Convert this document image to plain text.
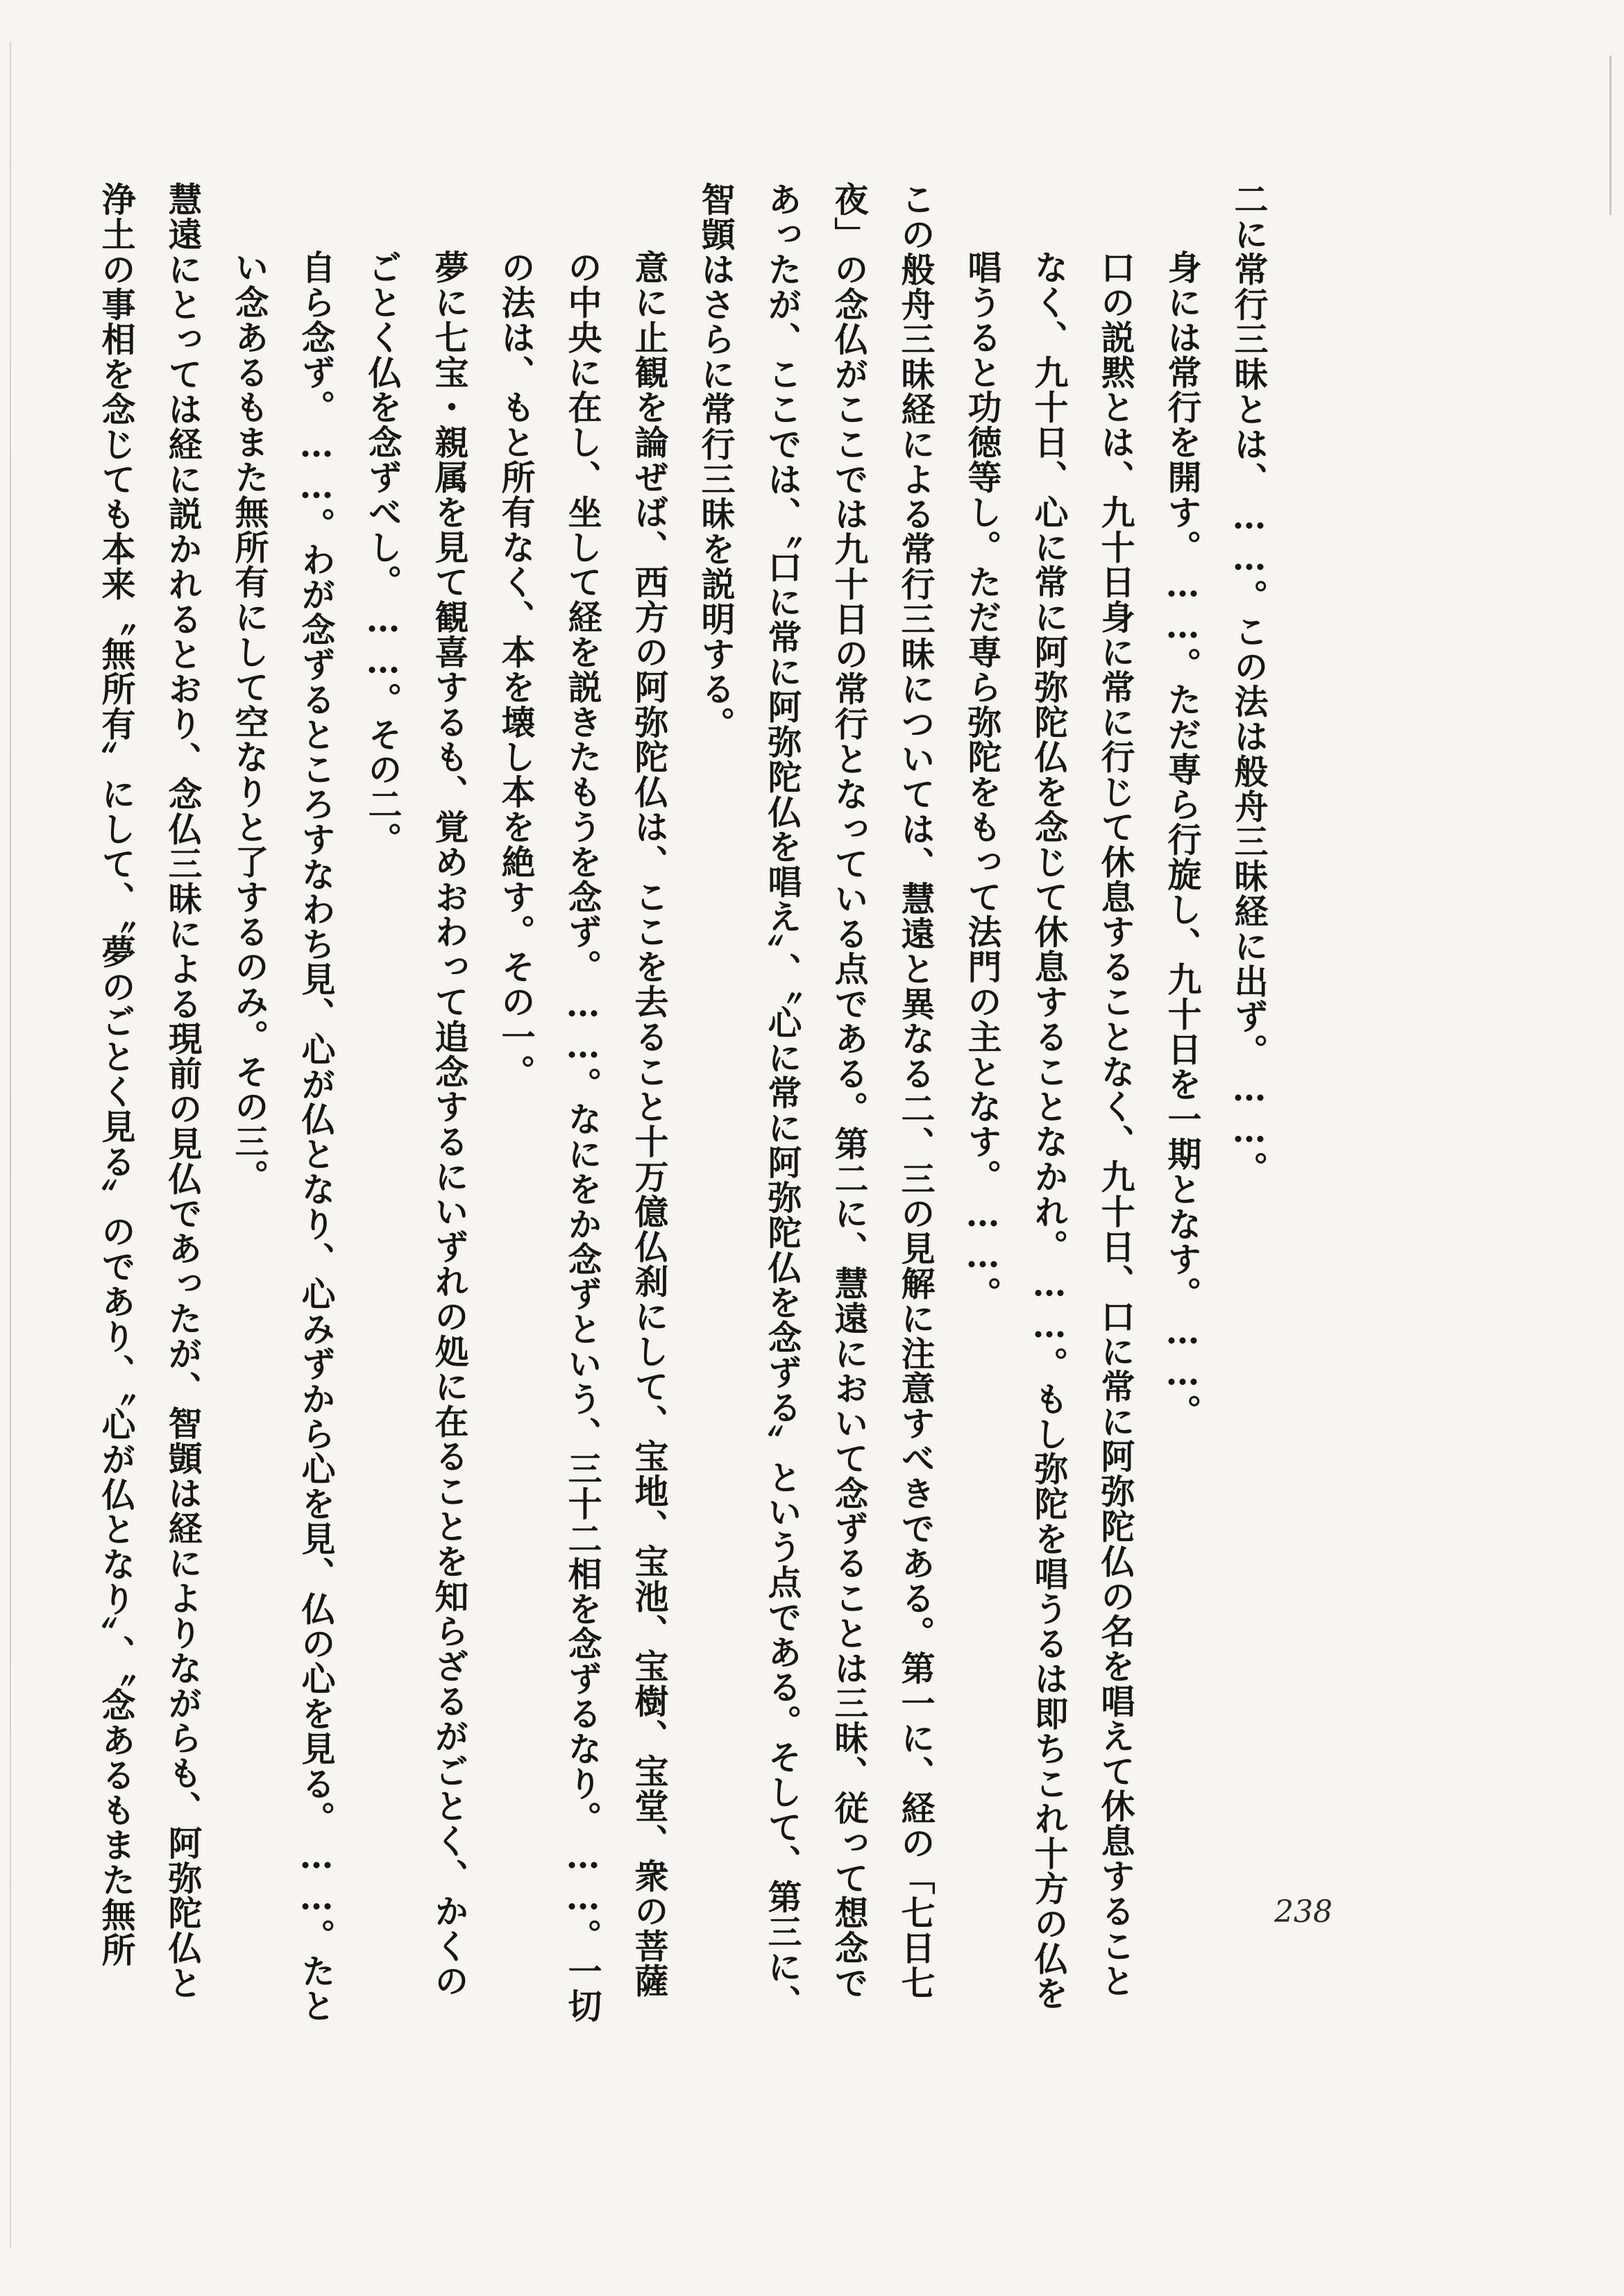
二に常行三昧とは、……。この法は般舟三昧経に出ず。……。
身には常行を開す。……。ただ専ら行旋し、九十日を一期となす。……。
口の説黙とは、九十日身に常に行じて休息することなく、九十日、口に常に阿弥陀仏の名を唱えて休息すること
なく、九十日、心に常に阿弥陀仏を念じて休息することなかれ。……。もし弥陀を唱うるは即ちこれ十方の仏を
唱うると功徳等し。ただ専ら弥陀をもって法門の主となす。……。
この般舟三昧経による常行三昧については、慧遠と異なる二、三の見解に注意すべきである。第一に、経の「七日七
夜」の念仏がここでは九十日の常行となっている点である。第二に、慧遠において念ずることは三昧、従って想念で
あったが、ここでは、〝口に常に阿弥陀仏を唱え〟、〝心に常に阿弥陀仏を念ずる〟という点である。そして、第三に、
智顗はさらに常行三昧を説明する。
意に止観を論ぜば、西方の阿弥陀仏は、ここを去ること十万億仏刹にして、宝地、宝池、宝樹、宝堂、衆の菩薩
の中央に在し、坐して経を説きたもうを念ず。……。なにをか念ずという、三十二相を念ずるなり。……。一切
の法は、もと所有なく、本を壊し本を絶す。その一。
夢に七宝・親属を見て観喜するも、覚めおわって追念するにいずれの処に在ることを知らざるがごとく、かくの
ごとく仏を念ずべし。……。その二。
自ら念ず。……。わが念ずるところすなわち見、心が仏となり、心みずから心を見、仏の心を見る。……。たと
い念あるもまた無所有にして空なりと了するのみ。その三。
慧遠にとっては経に説かれるとおり、念仏三昧による現前の見仏であったが、智顗は経によりながらも、阿弥陀仏と
浄土の事相を念じても本来〝無所有〟にして、〝夢のごとく見る〟のであり、〝心が仏となり〟、〝念あるもまた無所	238
